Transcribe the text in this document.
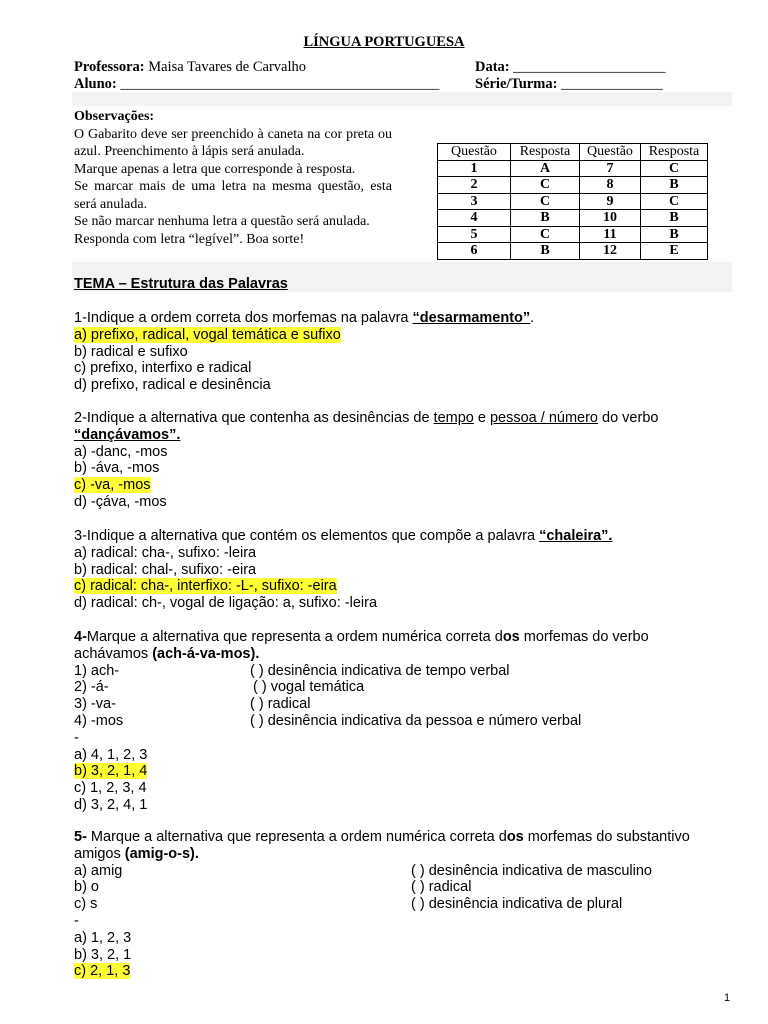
LÍNGUA PORTUGUESA
Professora: Maisa Tavares de Carvalho	Data: _____________________
Aluno: ____________________________________________ Série/Turma: ______________

Observações:

O Gabarito deve ser preenchido à caneta na cor preta ou azul. Preenchimento à lápis será anulada.

Marque apenas a letra que corresponde à resposta.

Se marcar mais de uma letra na mesma questão, esta será anulada.

Se não marcar nenhuma letra a questão será anulada.

Responda com letra “legível”. Boa sorte!

Questão	Resposta	Questão	Resposta
1	A	7	C
2	C	8	B
3	C	9	C
4	B	10	B
5	C	11	B
6	B	12	E
TEMA – Estrutura das Palavras
1-Indique a ordem correta dos morfemas na palavra “desarmamento”.
a) prefixo, radical, vogal temática e sufixo
b) radical e sufixo
c) prefixo, interfixo e radical
d) prefixo, radical e desinência
2-Indique a alternativa que contenha as desinências de tempo e pessoa / número do verbo
“dançávamos”.
a) -danc, -mos
b) -áva, -mos
c) -va, -mos
d) -çáva, -mos
3-Indique a alternativa que contém os elementos que compõe a palavra “chaleira”.
a) radical: cha-, sufixo: -leira
b) radical: chal-, sufixo: -eira
c) radical: cha-, interfixo: -L-, sufixo: -eira
d) radical: ch-, vogal de ligação: a, sufixo: -leira
4-Marque a alternativa que representa a ordem numérica correta dos morfemas do verbo
achávamos (ach-á-va-mos).
1) ach-	( ) desinência indicativa de tempo verbal
2) -á-	( ) vogal temática
3) -va-	( ) radical
4) -mos	( ) desinência indicativa da pessoa e número verbal
-
a) 4, 1, 2, 3
b) 3, 2, 1, 4
c) 1, 2, 3, 4
d) 3, 2, 4, 1
5- Marque a alternativa que representa a ordem numérica correta dos morfemas do substantivo
amigos (amig-o-s).
a) amig	( ) desinência indicativa de masculino
b) o	( ) radical
c) s	( ) desinência indicativa de plural
-
a) 1, 2, 3
b) 3, 2, 1
c) 2, 1, 3
1
